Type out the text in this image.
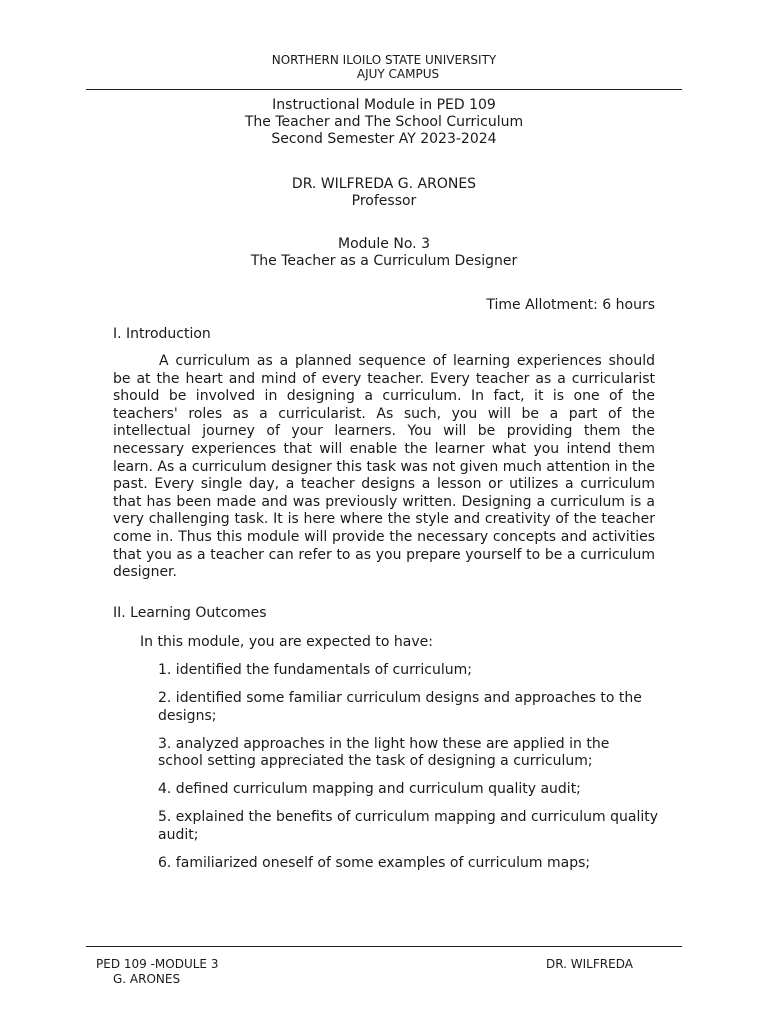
NORTHERN ILOILO STATE UNIVERSITY
AJUY CAMPUS
Instructional Module in PED 109
The Teacher and The School Curriculum
Second Semester AY 2023-2024
DR. WILFREDA G. ARONES
Professor
Module No. 3
The Teacher as a Curriculum Designer
Time Allotment: 6 hours
I. Introduction
A curriculum as a planned sequence of learning experiences should be at the heart and mind of every teacher. Every teacher as a curricularist should be involved in designing a curriculum. In fact, it is one of the teachers' roles as a curricularist. As such, you will be a part of the intellectual journey of your learners. You will be providing them the necessary experiences that will enable the learner what you intend them learn. As a curriculum designer this task was not given much attention in the past. Every single day, a teacher designs a lesson or utilizes a curriculum that has been made and was previously written. Designing a curriculum is a very challenging task. It is here where the style and creativity of the teacher come in. Thus this module will provide the necessary concepts and activities that you as a teacher can refer to as you prepare yourself to be a curriculum designer.
II. Learning Outcomes
In this module, you are expected to have:
1. identified the fundamentals of curriculum;
2. identified some familiar curriculum designs and approaches to the designs;
3. analyzed approaches in the light how these are applied in the school setting appreciated the task of designing a curriculum;
4. defined curriculum mapping and curriculum quality audit;
5. explained the benefits of curriculum mapping and curriculum quality audit;
6. familiarized oneself of some examples of curriculum maps;
PED 109 -MODULE 3	DR. WILFREDA
G. ARONES
